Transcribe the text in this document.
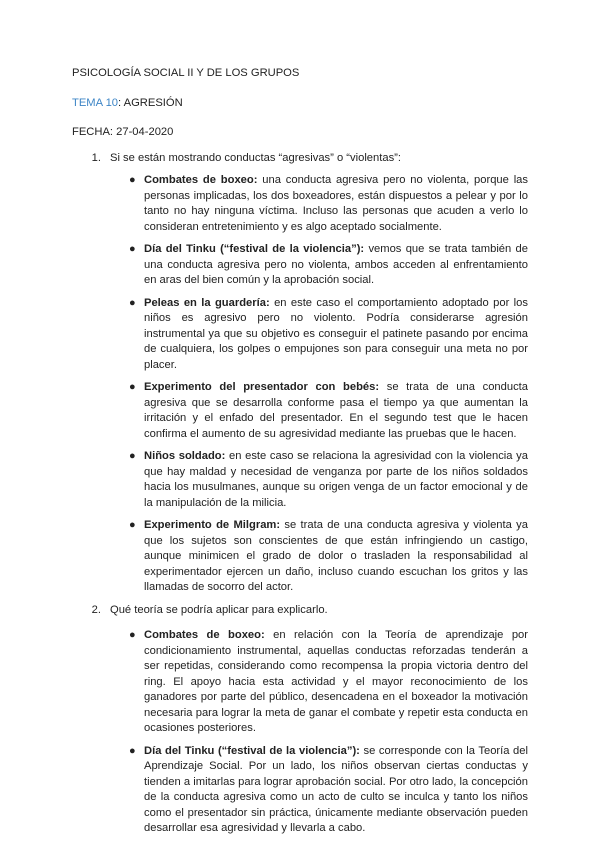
PSICOLOGÍA SOCIAL II Y DE LOS GRUPOS
TEMA 10: AGRESIÓN
FECHA: 27-04-2020
1. Si se están mostrando conductas “agresivas” o “violentas”:
● Combates de boxeo: una conducta agresiva pero no violenta, porque las personas implicadas, los dos boxeadores, están dispuestos a pelear y por lo tanto no hay ninguna víctima. Incluso las personas que acuden a verlo lo consideran entretenimiento y es algo aceptado socialmente.
● Día del Tinku (“festival de la violencia”): vemos que se trata también de una conducta agresiva pero no violenta, ambos acceden al enfrentamiento en aras del bien común y la aprobación social.
● Peleas en la guardería: en este caso el comportamiento adoptado por los niños es agresivo pero no violento. Podría considerarse agresión instrumental ya que su objetivo es conseguir el patinete pasando por encima de cualquiera, los golpes o empujones son para conseguir una meta no por placer.
● Experimento del presentador con bebés: se trata de una conducta agresiva que se desarrolla conforme pasa el tiempo ya que aumentan la irritación y el enfado del presentador. En el segundo test que le hacen confirma el aumento de su agresividad mediante las pruebas que le hacen.
● Niños soldado: en este caso se relaciona la agresividad con la violencia ya que hay maldad y necesidad de venganza por parte de los niños soldados hacia los musulmanes, aunque su origen venga de un factor emocional y de la manipulación de la milicia.
● Experimento de Milgram: se trata de una conducta agresiva y violenta ya que los sujetos son conscientes de que están infringiendo un castigo, aunque minimicen el grado de dolor o trasladen la responsabilidad al experimentador ejercen un daño, incluso cuando escuchan los gritos y las llamadas de socorro del actor.
2. Qué teoría se podría aplicar para explicarlo.
● Combates de boxeo: en relación con la Teoría de aprendizaje por condicionamiento instrumental, aquellas conductas reforzadas tenderán a ser repetidas, considerando como recompensa la propia victoria dentro del ring. El apoyo hacia esta actividad y el mayor reconocimiento de los ganadores por parte del público, desencadena en el boxeador la motivación necesaria para lograr la meta de ganar el combate y repetir esta conducta en ocasiones posteriores.
● Día del Tinku (“festival de la violencia”): se corresponde con la Teoría del Aprendizaje Social. Por un lado, los niños observan ciertas conductas y tienden a imitarlas para lograr aprobación social. Por otro lado, la concepción de la conducta agresiva como un acto de culto se inculca y tanto los niños como el presentador sin práctica, únicamente mediante observación pueden desarrollar esa agresividad y llevarla a cabo.
